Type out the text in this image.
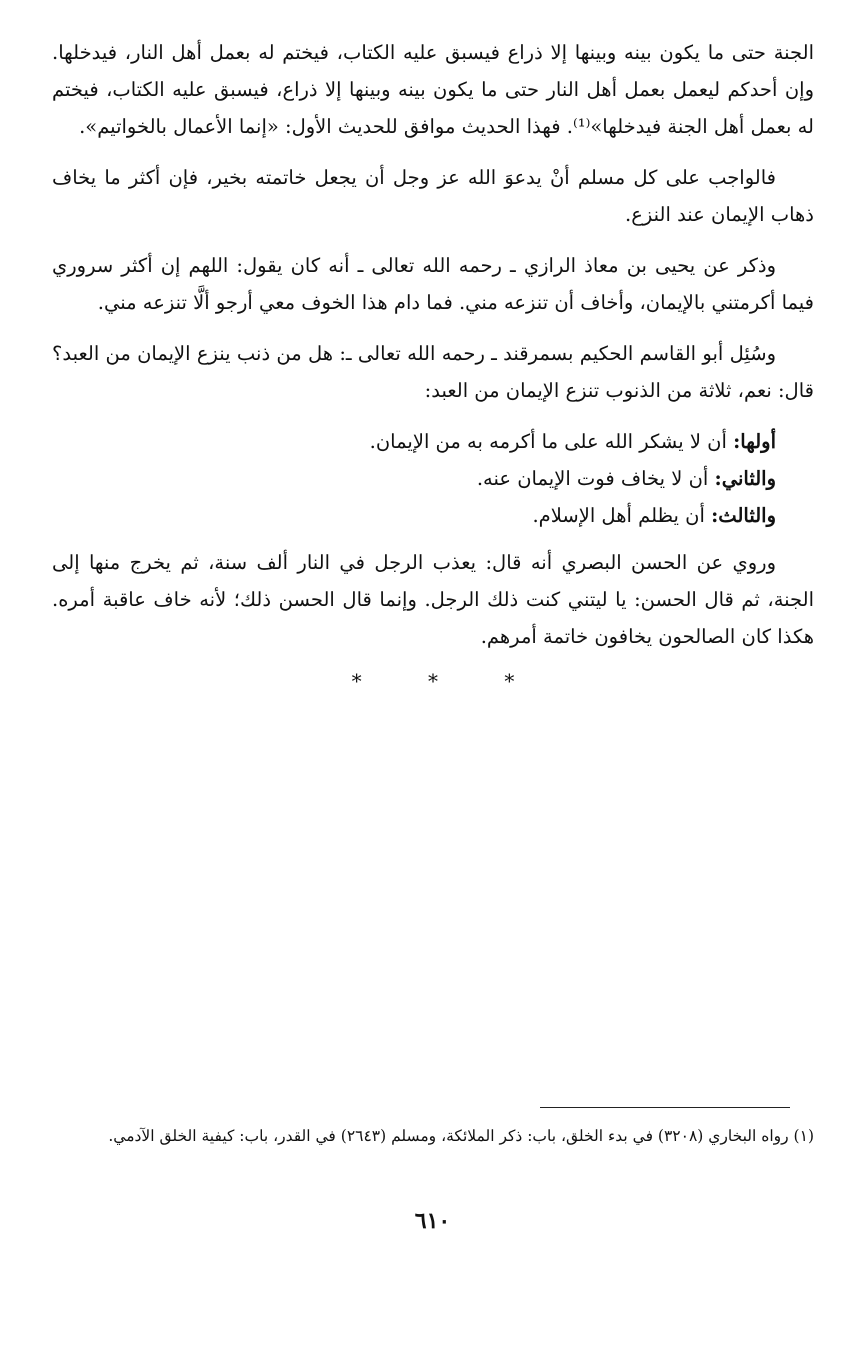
الجنة حتى ما يكون بينه وبينها إلا ذراع فيسبق عليه الكتاب، فيختم له بعمل أهل النار، فيدخلها. وإن أحدكم ليعمل بعمل أهل النار حتى ما يكون بينه وبينها إلا ذراع، فيسبق عليه الكتاب، فيختم له بعمل أهل الجنة فيدخلها»⁽¹⁾. فهذا الحديث موافق للحديث الأول: «إنما الأعمال بالخواتيم».

فالواجب على كل مسلم أنْ يدعوَ الله عز وجل أن يجعل خاتمته بخير، فإن أكثر ما يخاف ذهاب الإيمان عند النزع.

وذكر عن يحيى بن معاذ الرازي ـ رحمه الله تعالى ـ أنه كان يقول: اللهم إن أكثر سروري فيما أكرمتني بالإيمان، وأخاف أن تنزعه مني. فما دام هذا الخوف معي أرجو ألَّا تنزعه مني.

وسُئِل أبو القاسم الحكيم بسمرقند ـ رحمه الله تعالى ـ: هل من ذنب ينزع الإيمان من العبد؟ قال: نعم، ثلاثة من الذنوب تنزع الإيمان من العبد:

أولها: أن لا يشكر الله على ما أكرمه به من الإيمان.
والثاني: أن لا يخاف فوت الإيمان عنه.
والثالث: أن يظلم أهل الإسلام.

وروي عن الحسن البصري أنه قال: يعذب الرجل في النار ألف سنة، ثم يخرج منها إلى الجنة، ثم قال الحسن: يا ليتني كنت ذلك الرجل. وإنما قال الحسن ذلك؛ لأنه خاف عاقبة أمره. هكذا كان الصالحون يخافون خاتمة أمرهم.

* * *
(١) رواه البخاري (٣٢٠٨) في بدء الخلق، باب: ذكر الملائكة، ومسلم (٢٦٤٣) في القدر، باب: كيفية الخلق الآدمي.
٦١٠
